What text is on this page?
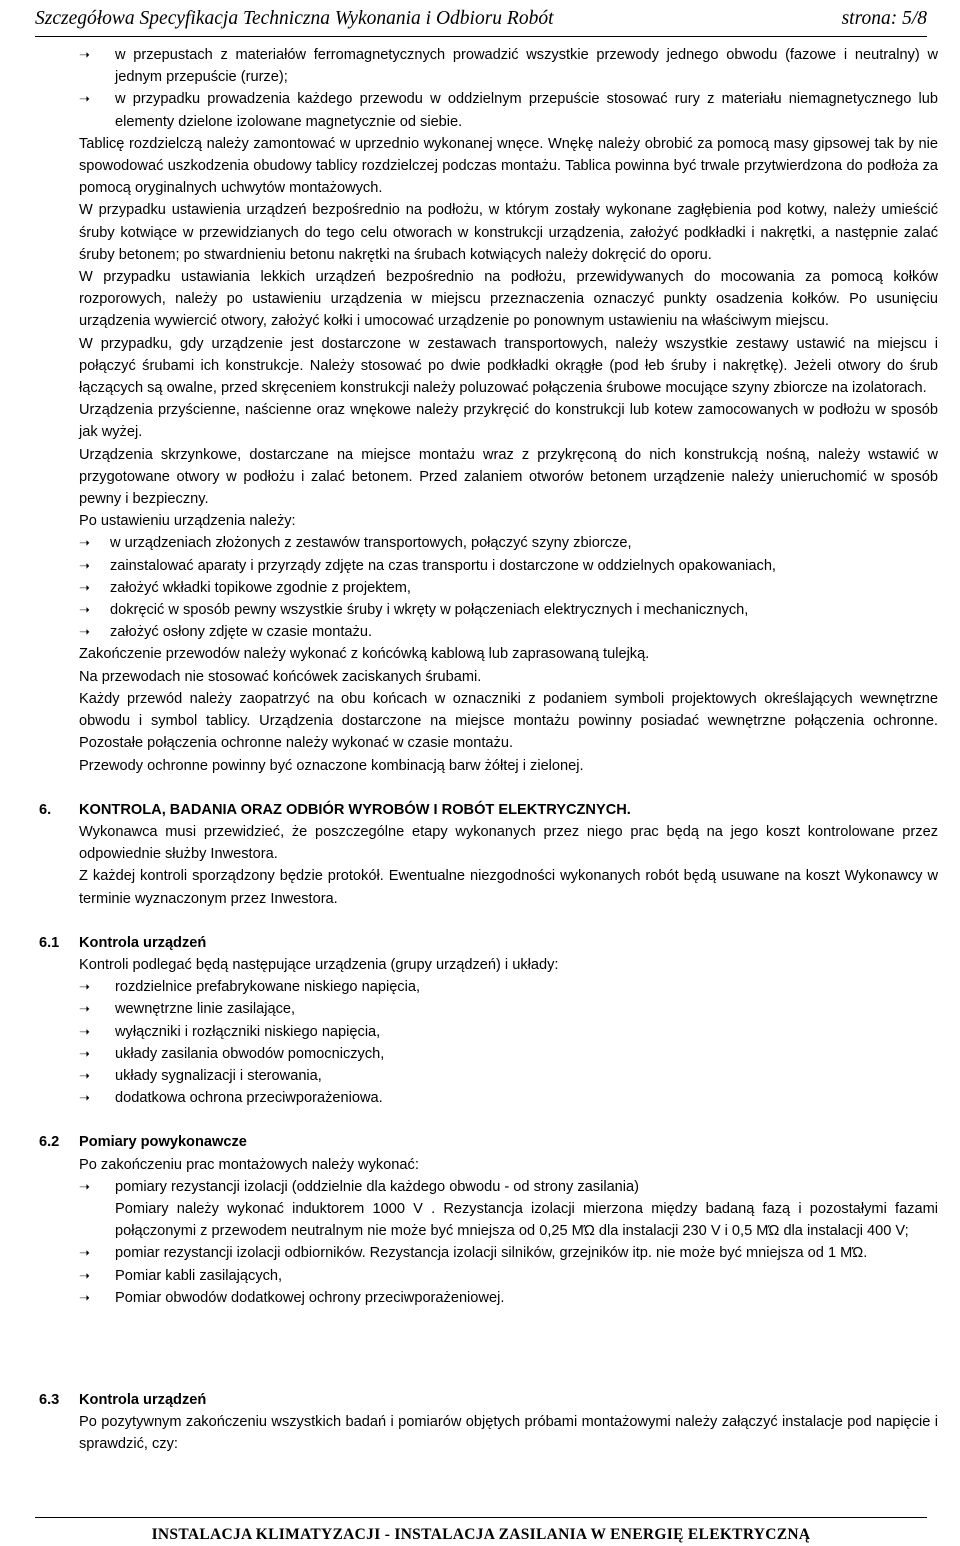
Szczegółowa Specyfikacja Techniczna Wykonania i Odbioru Robót	strona: 5/8
➝ w przepustach z materiałów ferromagnetycznych prowadzić wszystkie przewody jednego obwodu (fazowe i neutralny) w jednym przepuście (rurze);
➝ w przypadku prowadzenia każdego przewodu w oddzielnym przepuście stosować rury z materiału niemagnetycznego lub elementy dzielone izolowane magnetycznie od siebie.
Tablicę rozdzielczą należy zamontować w uprzednio wykonanej wnęce. Wnękę należy obrobić za pomocą masy gipsowej tak by nie spowodować uszkodzenia obudowy tablicy rozdzielczej podczas montażu. Tablica powinna być trwale przytwierdzona do podłoża za pomocą oryginalnych uchwytów montażowych.
W przypadku ustawienia urządzeń bezpośrednio na podłożu, w którym zostały wykonane zagłębienia pod kotwy, należy umieścić śruby kotwiące w przewidzianych do tego celu otworach w konstrukcji urządzenia, założyć podkładki i nakrętki, a następnie zalać śruby betonem; po stwardnieniu betonu nakrętki na śrubach kotwiących należy dokręcić do oporu.
W przypadku ustawiania lekkich urządzeń bezpośrednio na podłożu, przewidywanych do mocowania za pomocą kołków rozporowych, należy po ustawieniu urządzenia w miejscu przeznaczenia oznaczyć punkty osadzenia kołków. Po usunięciu urządzenia wywiercić otwory, założyć kołki i umocować urządzenie po ponownym ustawieniu na właściwym miejscu.
W przypadku, gdy urządzenie jest dostarczone w zestawach transportowych, należy wszystkie zestawy ustawić na miejscu i połączyć śrubami ich konstrukcje. Należy stosować po dwie podkładki okrągłe (pod łeb śruby i nakrętkę). Jeżeli otwory do śrub łączących są owalne, przed skręceniem konstrukcji należy poluzować połączenia śrubowe mocujące szyny zbiorcze na izolatorach.
Urządzenia przyścienne, naścienne oraz wnękowe należy przykręcić do konstrukcji lub kotew zamocowanych w podłożu w sposób jak wyżej.
Urządzenia skrzynkowe, dostarczane na miejsce montażu wraz z przykręconą do nich konstrukcją nośną, należy wstawić w przygotowane otwory w podłożu i zalać betonem. Przed zalaniem otworów betonem urządzenie należy unieruchomić w sposób pewny i bezpieczny.
Po ustawieniu urządzenia należy:
➝ w urządzeniach złożonych z zestawów transportowych, połączyć szyny zbiorcze,
➝ zainstalować aparaty i przyrządy zdjęte na czas transportu i dostarczone w oddzielnych opakowaniach,
➝ założyć wkładki topikowe zgodnie z projektem,
➝ dokręcić w sposób pewny wszystkie śruby i wkręty w połączeniach elektrycznych i mechanicznych,
➝ założyć osłony zdjęte w czasie montażu.
Zakończenie przewodów należy wykonać z końcówką kablową lub zaprasowaną tulejką.
Na przewodach nie stosować końcówek zaciskanych śrubami.
Każdy przewód należy zaopatrzyć na obu końcach w oznaczniki z podaniem symboli projektowych określających wewnętrzne obwodu i symbol tablicy. Urządzenia dostarczone na miejsce montażu powinny posiadać wewnętrzne połączenia ochronne. Pozostałe połączenia ochronne należy wykonać w czasie montażu.
Przewody ochronne powinny być oznaczone kombinacją barw żółtej i zielonej.
6. KONTROLA, BADANIA ORAZ ODBIÓR WYROBÓW I ROBÓT ELEKTRYCZNYCH.
Wykonawca musi przewidzieć, że poszczególne etapy wykonanych przez niego prac będą na jego koszt kontrolowane przez odpowiednie służby Inwestora.
Z każdej kontroli sporządzony będzie protokół. Ewentualne niezgodności wykonanych robót będą usuwane na koszt Wykonawcy w terminie wyznaczonym przez Inwestora.
6.1 Kontrola urządzeń
Kontroli podlegać będą następujące urządzenia (grupy urządzeń) i układy:
➝ rozdzielnice prefabrykowane niskiego napięcia,
➝ wewnętrzne linie zasilające,
➝ wyłączniki i rozłączniki niskiego napięcia,
➝ układy zasilania obwodów pomocniczych,
➝ układy sygnalizacji i sterowania,
➝ dodatkowa ochrona przeciwporażeniowa.
6.2 Pomiary powykonawcze
Po zakończeniu prac montażowych należy wykonać:
➝ pomiary rezystancji izolacji (oddzielnie dla każdego obwodu - od strony zasilania)
Pomiary należy wykonać induktorem 1000 V . Rezystancja izolacji mierzona między badaną fazą i pozostałymi fazami połączonymi z przewodem neutralnym nie może być mniejsza od 0,25 MΏ dla instalacji 230 V i 0,5 MΏ dla instalacji 400 V;
➝ pomiar rezystancji izolacji odbiorników. Rezystancja izolacji silników, grzejników itp. nie może być mniejsza od 1 MΏ.
➝ Pomiar kabli zasilających,
➝ Pomiar obwodów dodatkowej ochrony przeciwporażeniowej.
6.3 Kontrola urządzeń
Po pozytywnym zakończeniu wszystkich badań i pomiarów objętych próbami montażowymi należy załączyć instalacje pod napięcie i sprawdzić, czy:
INSTALACJA KLIMATYZACJI - INSTALACJA ZASILANIA W ENERGIĘ ELEKTRYCZNĄ
